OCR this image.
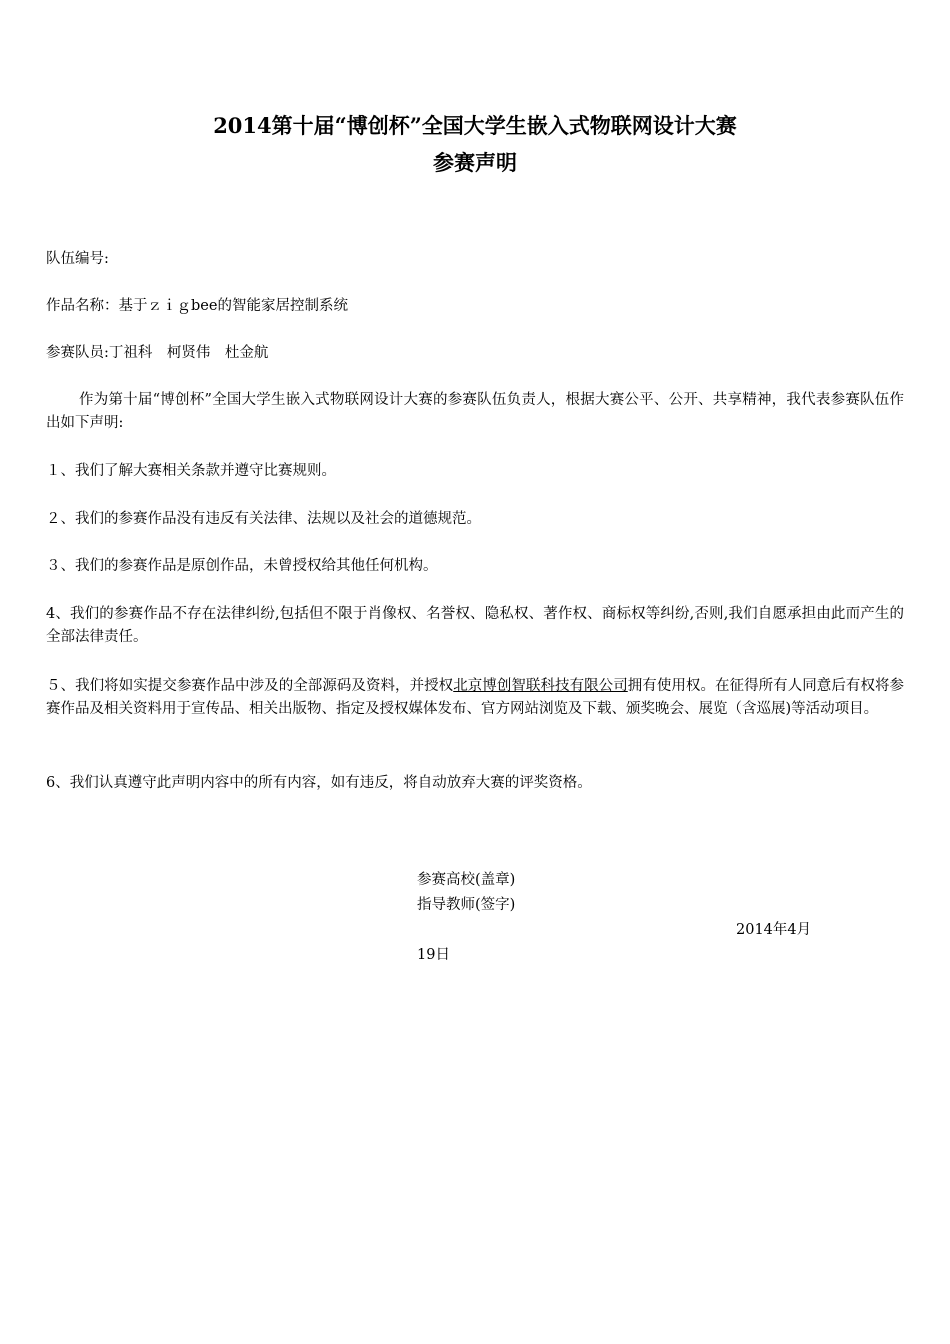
2014第十届“博创杯”全国大学生嵌入式物联网设计大赛
参赛声明
队伍编号:
作品名称：基于ｚｉｇbee的智能家居控制系统
参赛队员:丁祖科　柯贤伟　杜金航
作为第十届“博创杯”全国大学生嵌入式物联网设计大赛的参赛队伍负责人，根据大赛公平、公开、共享精神，我代表参赛队伍作出如下声明:
１、我们了解大赛相关条款并遵守比赛规则。
２、我们的参赛作品没有违反有关法律、法规以及社会的道德规范。
３、我们的参赛作品是原创作品，未曾授权给其他任何机构。
4、我们的参赛作品不存在法律纠纷,包括但不限于肖像权、名誉权、隐私权、著作权、商标权等纠纷,否则,我们自愿承担由此而产生的全部法律责任。
５、我们将如实提交参赛作品中涉及的全部源码及资料，并授权北京博创智联科技有限公司拥有使用权。在征得所有人同意后有权将参赛作品及相关资料用于宣传品、相关出版物、指定及授权媒体发布、官方网站浏览及下载、颁奖晚会、展览（含巡展)等活动项目。
6、我们认真遵守此声明内容中的所有内容，如有违反，将自动放弃大赛的评奖资格。
参赛高校(盖章)
指导教师(签字)
2014年4月
19日
